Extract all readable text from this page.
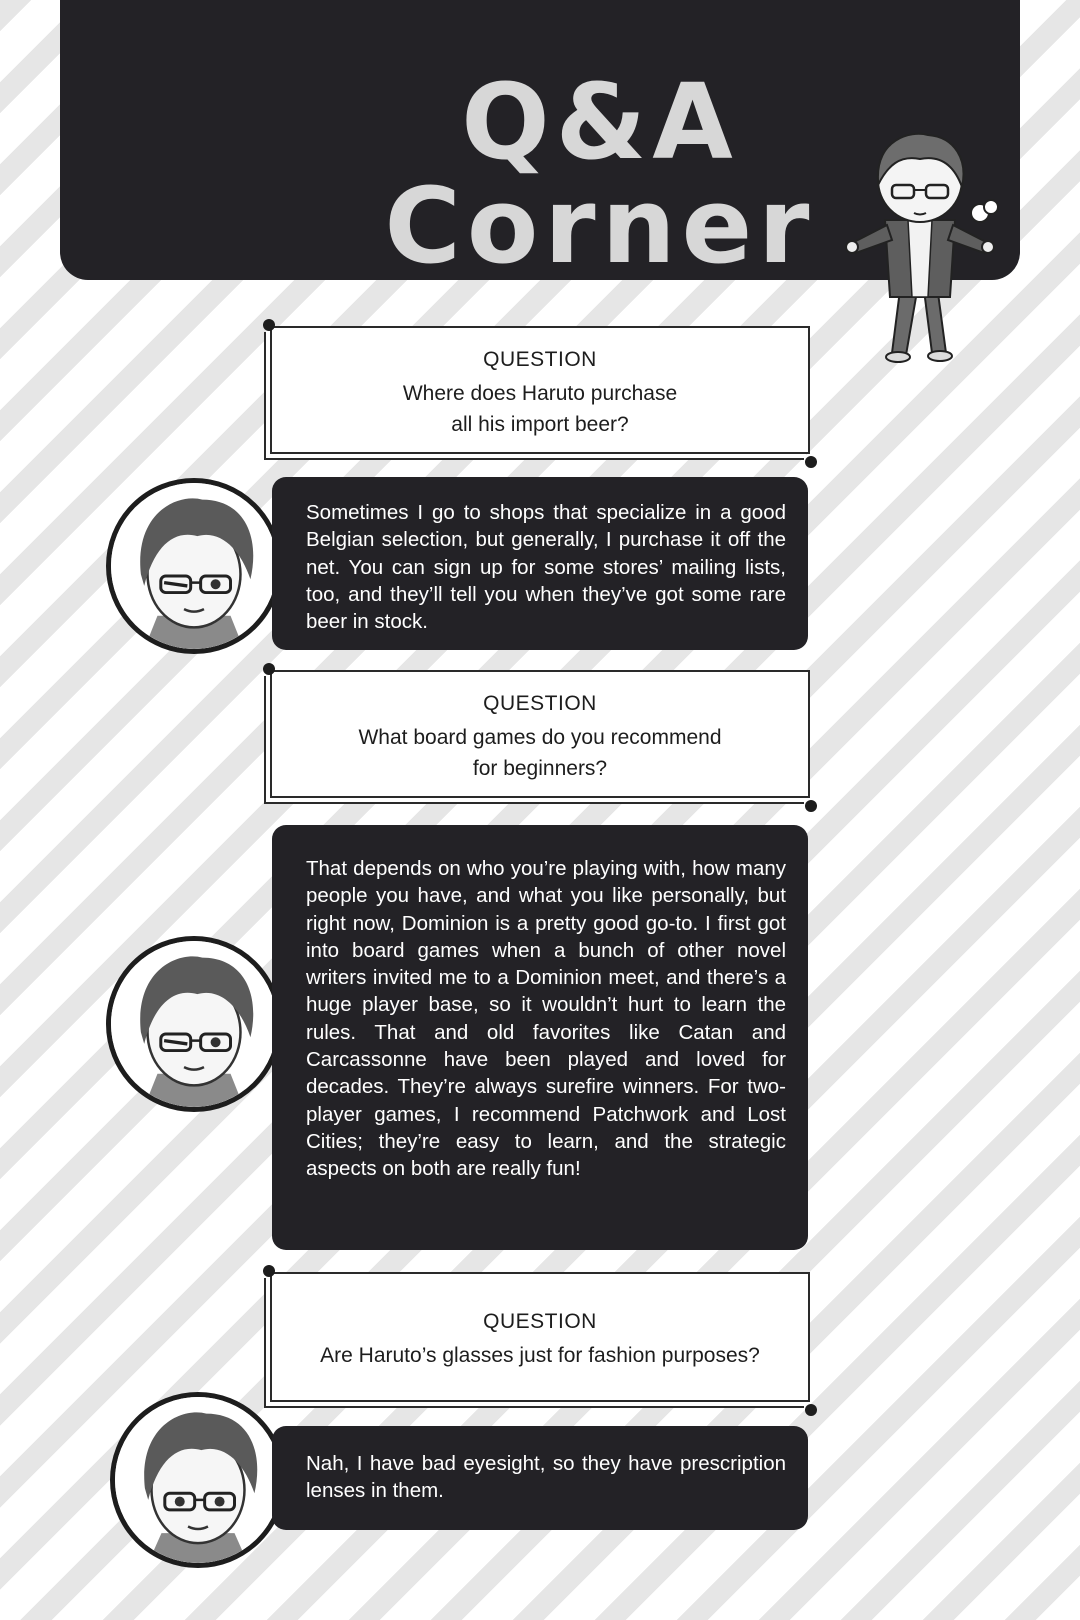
Q&A
Corner
QUESTION
Where does Haruto purchase
all his import beer?
Sometimes I go to shops that specialize in a good Belgian selection, but generally, I purchase it off the net. You can sign up for some stores’ mailing lists, too, and they’ll tell you when they’ve got some rare beer in stock.
QUESTION
What board games do you recommend
for beginners?
That depends on who you’re playing with, how many people you have, and what you like personally, but right now, Dominion is a pretty good go-to. I first got into board games when a bunch of other novel writers invited me to a Dominion meet, and there’s a huge player base, so it wouldn’t hurt to learn the rules. That and old favorites like Catan and Carcassonne have been played and loved for decades. They’re always surefire winners. For two-player games, I recommend Patchwork and Lost Cities; they’re easy to learn, and the strategic aspects on both are really fun!
QUESTION
Are Haruto’s glasses just for fashion purposes?
Nah, I have bad eyesight, so they have prescription lenses in them.
